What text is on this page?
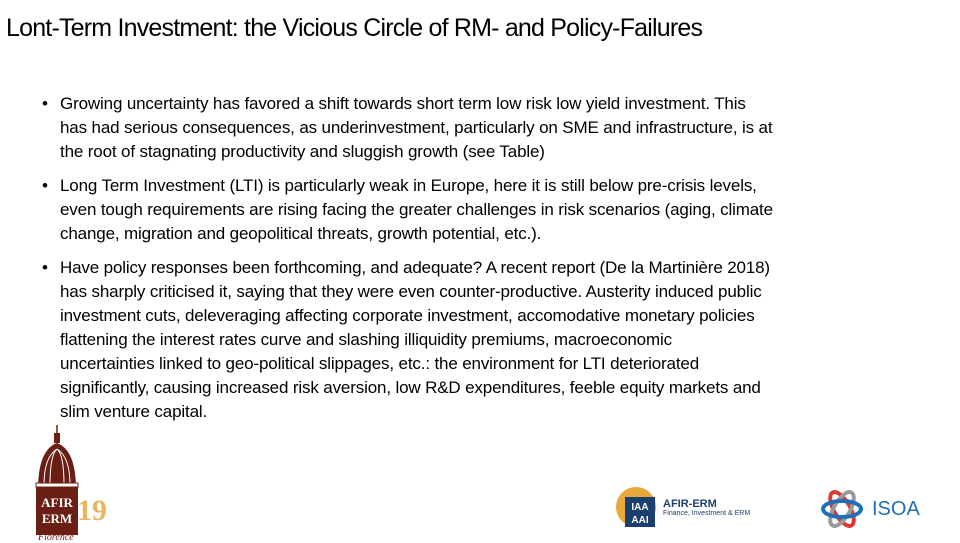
Lont-Term Investment: the Vicious Circle of RM- and Policy-Failures
• Growing uncertainty has favored a shift towards short term low risk low yield investment. This
has had serious consequences, as underinvestment, particularly on SME and infrastructure, is at
the root of stagnating productivity and sluggish growth (see Table)
• Long Term Investment (LTI) is particularly weak in Europe, here it is still below pre-crisis levels,
even tough requirements are rising facing the greater challenges in risk scenarios (aging, climate
change, migration and geopolitical threats, growth potential, etc.).
• Have policy responses been forthcoming, and adequate? A recent report (De la Martinière 2018)
has sharply criticised it, saying that they were even counter-productive. Austerity induced public
investment cuts, deleveraging affecting corporate investment, accomodative monetary policies
flattening the interest rates curve and slashing illiquidity premiums, macroeconomic
uncertainties linked to geo-political slippages, etc.: the environment for LTI deteriorated
significantly, causing increased risk aversion, low R&D expenditures, feeble equity markets and
slim venture capital.
AFIR
ERM 19
Florence
IAA
AAI
AFIR-ERM
Finance, Investment & ERM	ISOA
